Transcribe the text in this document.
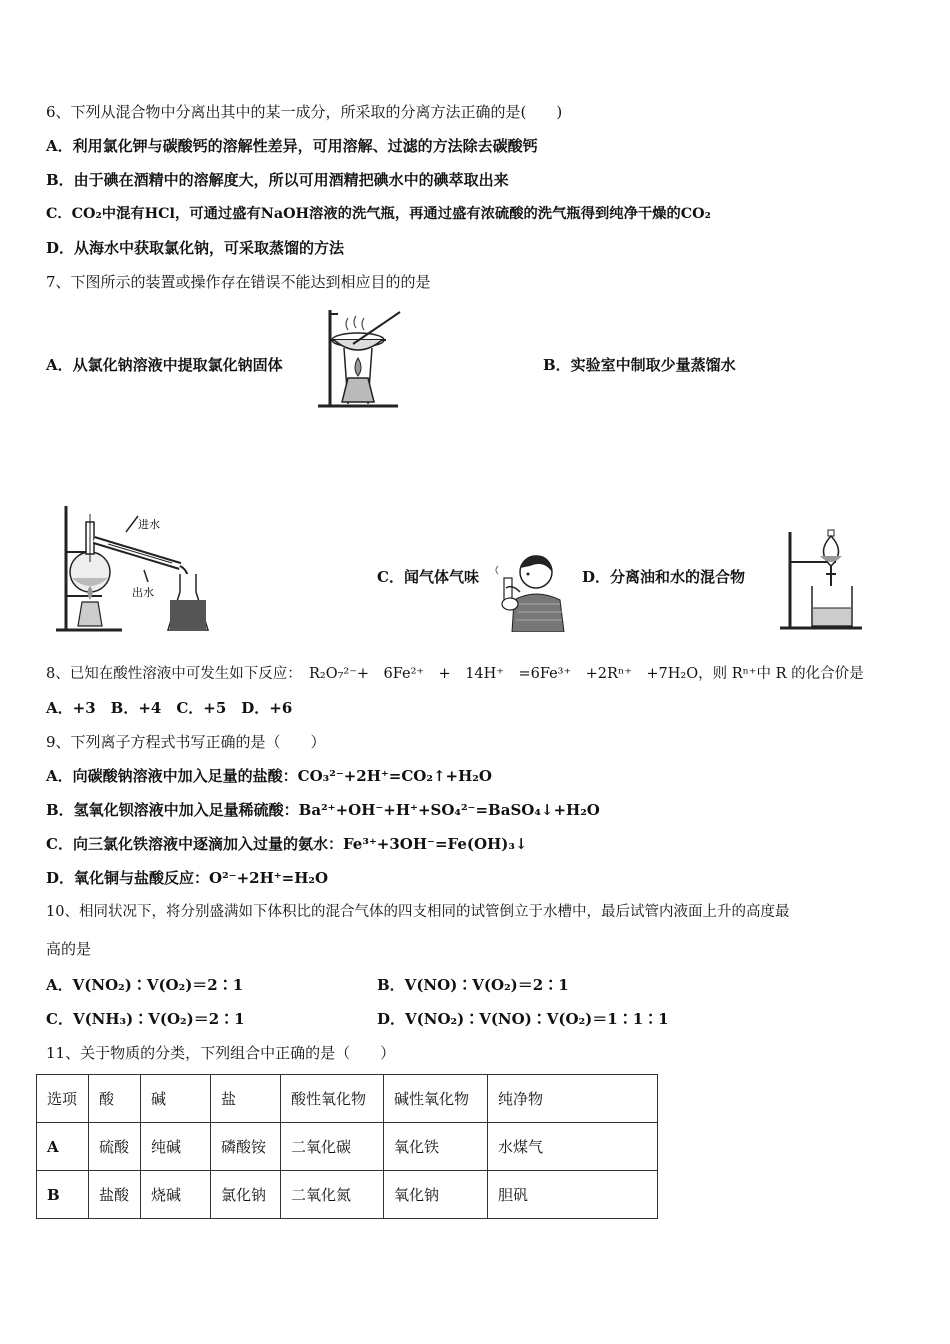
6、下列从混合物中分离出其中的某一成分，所采取的分离方法正确的是(　　)
A．利用氯化钾与碳酸钙的溶解性差异，可用溶解、过滤的方法除去碳酸钙
B．由于碘在酒精中的溶解度大，所以可用酒精把碘水中的碘萃取出来
C．CO₂中混有HCl，可通过盛有NaOH溶液的洗气瓶，再通过盛有浓硫酸的洗气瓶得到纯净干燥的CO₂
D．从海水中获取氯化钠，可采取蒸馏的方法
7、下图所示的装置或操作存在错误不能达到相应目的的是
A．从氯化钠溶液中提取氯化钠固体	B．实验室中制取少量蒸馏水
进水
出水
C．闻气体气味	D．分离油和水的混合物
8、已知在酸性溶液中可发生如下反应：　R₂O₇²⁻+　6Fe²⁺　+　14H⁺　=6Fe³⁺　+2Rⁿ⁺　+7H₂O，则 Rⁿ⁺中 R 的化合价是
A．+3　B．+4　C．+5　D．+6
9、下列离子方程式书写正确的是（　　）
A．向碳酸钠溶液中加入足量的盐酸：CO₃²⁻+2H⁺=CO₂↑+H₂O
B．氢氧化钡溶液中加入足量稀硫酸：Ba²⁺+OH⁻+H⁺+SO₄²⁻=BaSO₄↓+H₂O
C．向三氯化铁溶液中逐滴加入过量的氨水：Fe³⁺+3OH⁻=Fe(OH)₃↓
D．氧化铜与盐酸反应：O²⁻+2H⁺=H₂O
10、相同状况下，将分别盛满如下体积比的混合气体的四支相同的试管倒立于水槽中，最后试管内液面上升的高度最
高的是
A．V(NO₂)∶V(O₂)＝2∶1	B．V(NO)∶V(O₂)＝2∶1
C．V(NH₃)∶V(O₂)＝2∶1	D．V(NO₂)∶V(NO)∶V(O₂)＝1∶1∶1
11、关于物质的分类，下列组合中正确的是（　　）
选项	酸	碱	盐	酸性氧化物	碱性氧化物	纯净物
A	硫酸	纯碱	磷酸铵	二氧化碳	氧化铁	水煤气
B	盐酸	烧碱	氯化钠	二氧化氮	氧化钠	胆矾
